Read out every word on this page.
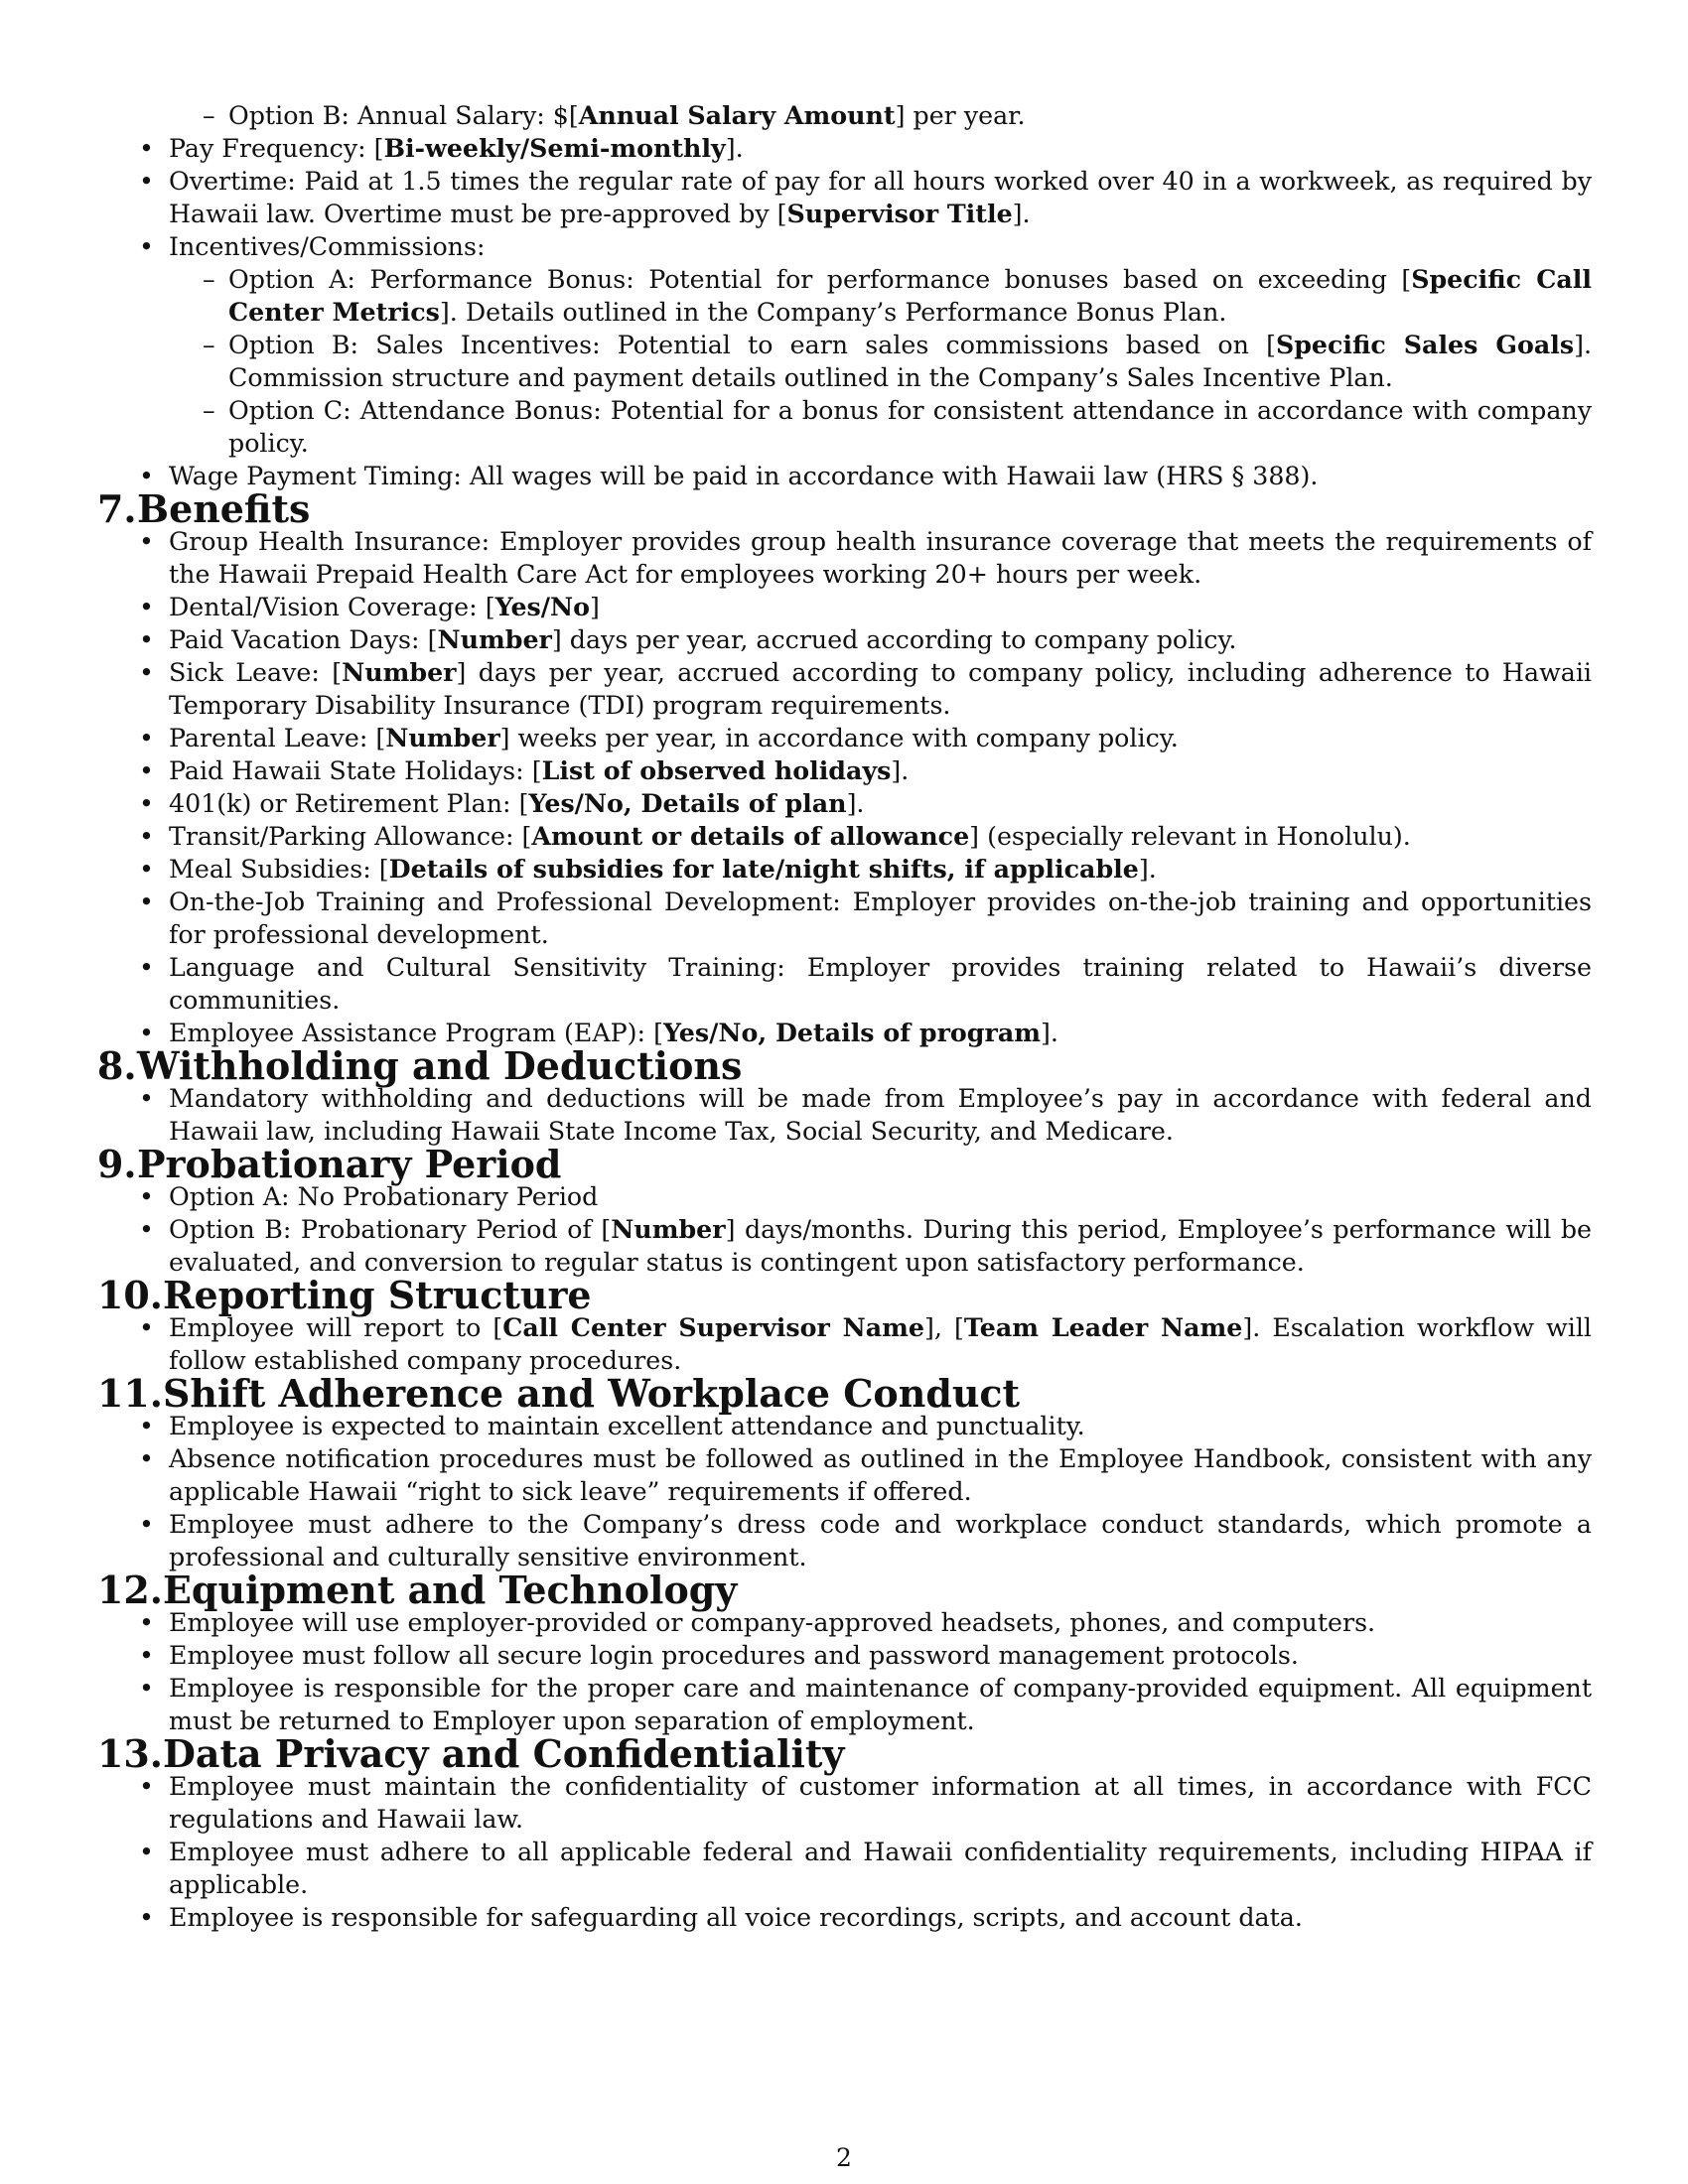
– Option B: Annual Salary: $[Annual Salary Amount] per year.
• Pay Frequency: [Bi-weekly/Semi-monthly].
• Overtime: Paid at 1.5 times the regular rate of pay for all hours worked over 40 in a workweek, as required by Hawaii law. Overtime must be pre-approved by [Supervisor Title].
• Incentives/Commissions:
– Option A: Performance Bonus: Potential for performance bonuses based on exceeding [Specific Call Center Metrics]. Details outlined in the Company’s Performance Bonus Plan.
– Option B: Sales Incentives: Potential to earn sales commissions based on [Specific Sales Goals]. Commission structure and payment details outlined in the Company’s Sales Incentive Plan.
– Option C: Attendance Bonus: Potential for a bonus for consistent attendance in accordance with company policy.
• Wage Payment Timing: All wages will be paid in accordance with Hawaii law (HRS § 388).
7. Benefits
• Group Health Insurance: Employer provides group health insurance coverage that meets the requirements of the Hawaii Prepaid Health Care Act for employees working 20+ hours per week.
• Dental/Vision Coverage: [Yes/No]
• Paid Vacation Days: [Number] days per year, accrued according to company policy.
• Sick Leave: [Number] days per year, accrued according to company policy, including adherence to Hawaii Temporary Disability Insurance (TDI) program requirements.
• Parental Leave: [Number] weeks per year, in accordance with company policy.
• Paid Hawaii State Holidays: [List of observed holidays].
• 401(k) or Retirement Plan: [Yes/No, Details of plan].
• Transit/Parking Allowance: [Amount or details of allowance] (especially relevant in Honolulu).
• Meal Subsidies: [Details of subsidies for late/night shifts, if applicable].
• On-the-Job Training and Professional Development: Employer provides on-the-job training and opportunities for professional development.
• Language and Cultural Sensitivity Training: Employer provides training related to Hawaii’s diverse communities.
• Employee Assistance Program (EAP): [Yes/No, Details of program].
8. Withholding and Deductions
• Mandatory withholding and deductions will be made from Employee’s pay in accordance with federal and Hawaii law, including Hawaii State Income Tax, Social Security, and Medicare.
9. Probationary Period
• Option A: No Probationary Period
• Option B: Probationary Period of [Number] days/months. During this period, Employee’s performance will be evaluated, and conversion to regular status is contingent upon satisfactory performance.
10. Reporting Structure
• Employee will report to [Call Center Supervisor Name], [Team Leader Name]. Escalation workflow will follow established company procedures.
11. Shift Adherence and Workplace Conduct
• Employee is expected to maintain excellent attendance and punctuality.
• Absence notification procedures must be followed as outlined in the Employee Handbook, consistent with any applicable Hawaii “right to sick leave” requirements if offered.
• Employee must adhere to the Company’s dress code and workplace conduct standards, which promote a professional and culturally sensitive environment.
12. Equipment and Technology
• Employee will use employer-provided or company-approved headsets, phones, and computers.
• Employee must follow all secure login procedures and password management protocols.
• Employee is responsible for the proper care and maintenance of company-provided equipment. All equipment must be returned to Employer upon separation of employment.
13. Data Privacy and Confidentiality
• Employee must maintain the confidentiality of customer information at all times, in accordance with FCC regulations and Hawaii law.
• Employee must adhere to all applicable federal and Hawaii confidentiality requirements, including HIPAA if applicable.
• Employee is responsible for safeguarding all voice recordings, scripts, and account data.
2
